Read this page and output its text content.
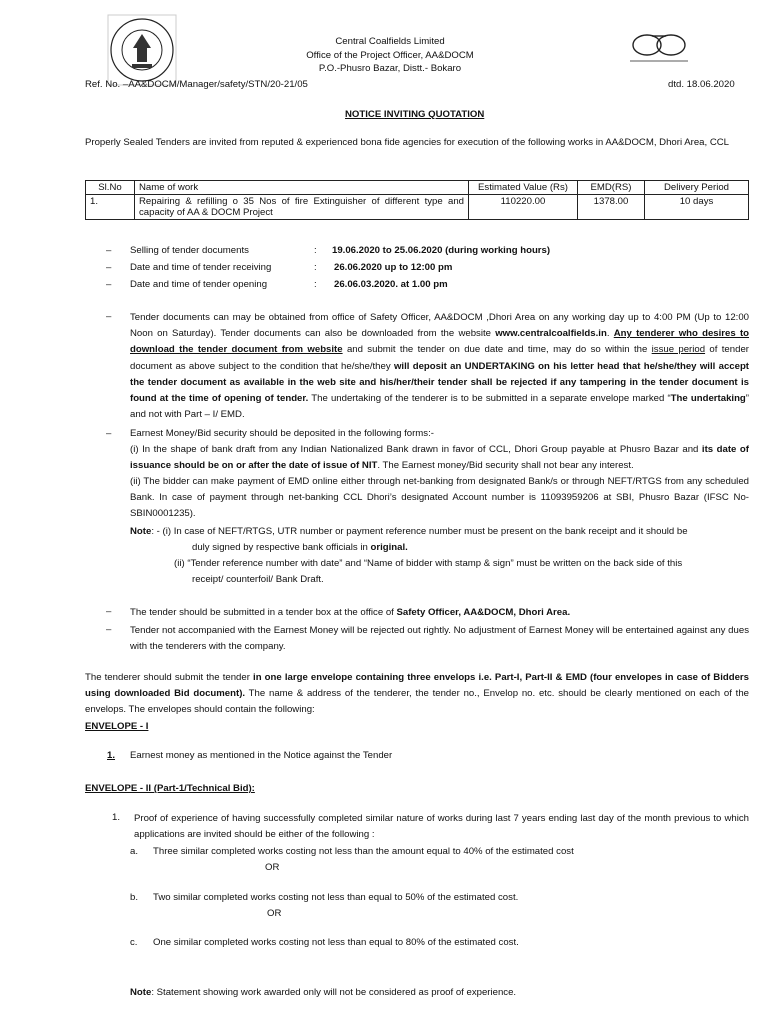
Central Coalfields Limited
Office of the Project Officer, AA&DOCM
P.O.-Phusro Bazar, Distt.- Bokaro
Ref. No. –AA&DOCM/Manager/safety/STN/20-21/05	dtd. 18.06.2020
NOTICE INVITING QUOTATION
Properly Sealed Tenders are invited from reputed & experienced bona fide agencies for execution of the following works in AA&DOCM, Dhori Area, CCL
Sl.No	Name of work	Estimated Value (Rs)	EMD(RS)	Delivery Period
1.	Repairing & refilling o 35 Nos of fire Extinguisher of different type and capacity of AA & DOCM Project	110220.00	1378.00	10 days
– Selling of tender documents	: 19.06.2020 to 25.06.2020 (during working hours)
– Date and time of tender receiving	: 26.06.2020 up to 12:00 pm
– Date and time of tender opening	: 26.06.03.2020. at 1.00 pm
– Tender documents can may be obtained from office of Safety Officer, AA&DOCM ,Dhori Area on any working day up to 4:00 PM (Up to 12:00 Noon on Saturday). Tender documents can also be downloaded from the website www.centralcoalfields.in. Any tenderer who desires to download the tender document from website and submit the tender on due date and time, may do so within the issue period of tender document as above subject to the condition that he/she/they will deposit an UNDERTAKING on his letter head that he/she/they will accept the tender document as available in the web site and his/her/their tender shall be rejected if any tampering in the tender document is found at the time of opening of tender. The undertaking of the tenderer is to be submitted in a separate envelope marked “The undertaking” and not with Part – I/ EMD.
– Earnest Money/Bid security should be deposited in the following forms:-
(i) In the shape of bank draft from any Indian Nationalized Bank drawn in favor of CCL, Dhori Group payable at Phusro Bazar and its date of issuance should be on or after the date of issue of NIT. The Earnest money/Bid security shall not bear any interest.
(ii) The bidder can make payment of EMD online either through net-banking from designated Bank/s or through NEFT/RTGS from any scheduled Bank. In case of payment through net-banking CCL Dhori’s designated Account number is 11093959206 at SBI, Phusro Bazar (IFSC No- SBIN0001235).
Note: - (i) In case of NEFT/RTGS, UTR number or payment reference number must be present on the bank receipt and it should be
duly signed by respective bank officials in original.
(ii) “Tender reference number with date” and “Name of bidder with stamp & sign” must be written on the back side of this
receipt/ counterfoil/ Bank Draft.
– The tender should be submitted in a tender box at the office of Safety Officer, AA&DOCM, Dhori Area.
– Tender not accompanied with the Earnest Money will be rejected out rightly. No adjustment of Earnest Money will be entertained against any dues with the tenderers with the company.
The tenderer should submit the tender in one large envelope containing three envelops i.e. Part-I, Part-II & EMD (four envelopes in case of Bidders using downloaded Bid document). The name & address of the tenderer, the tender no., Envelop no. etc. should be clearly mentioned on each of the envelops. The envelopes should contain the following:
ENVELOPE - I
1. Earnest money as mentioned in the Notice against the Tender
ENVELOPE - II (Part-1/Technical Bid):
1. Proof of experience of having successfully completed similar nature of works during last 7 years ending last day of the month previous to which applications are invited should be either of the following :
a. Three similar completed works costing not less than the amount equal to 40% of the estimated cost
OR
b. Two similar completed works costing not less than equal to 50% of the estimated cost.
OR
c. One similar completed works costing not less than equal to 80% of the estimated cost.
Note: Statement showing work awarded only will not be considered as proof of experience.
